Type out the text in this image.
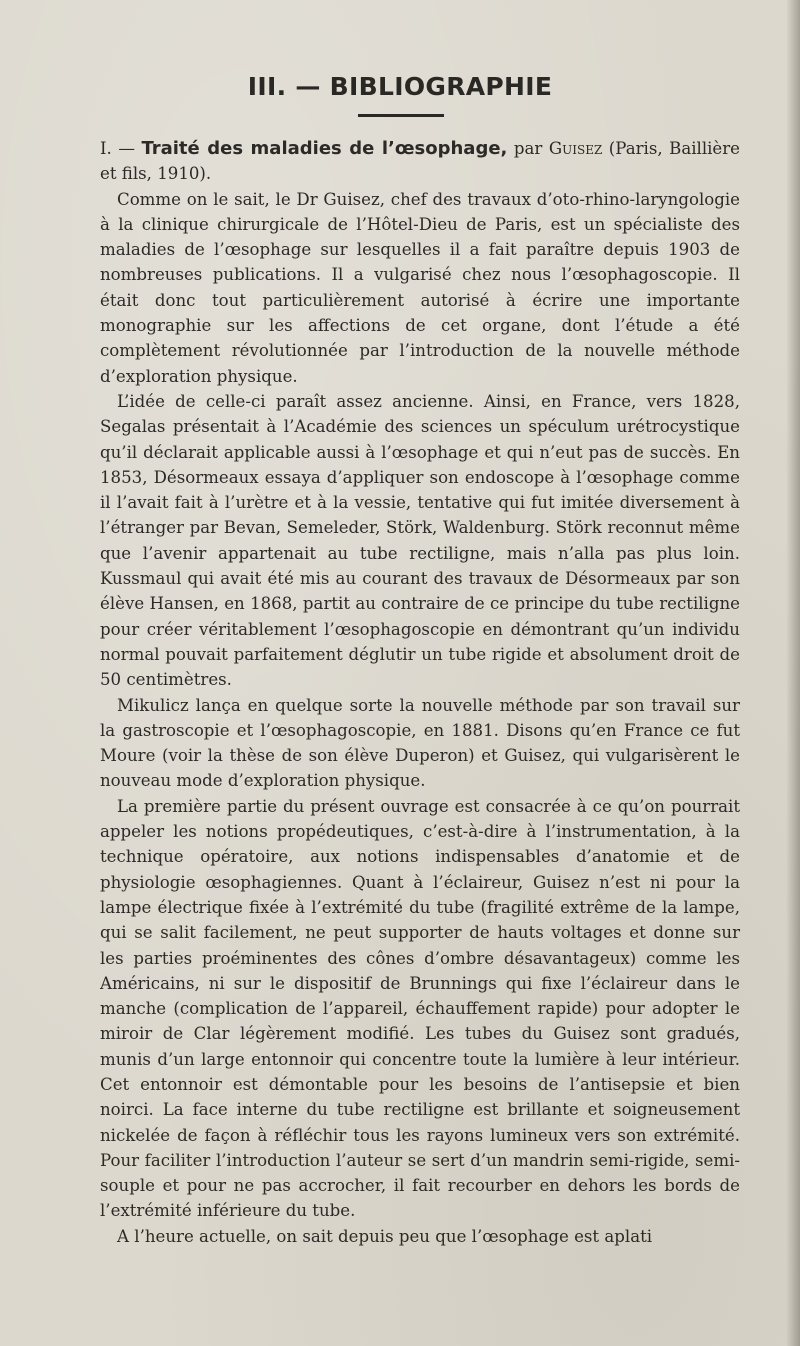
III. — BIBLIOGRAPHIE

I. — Traité des maladies de l’œsophage, par Guisez (Paris, Baillière et fils, 1910).

Comme on le sait, le Dr Guisez, chef des travaux d’oto-rhino-laryngologie à la clinique chirurgicale de l’Hôtel-Dieu de Paris, est un spécialiste des maladies de l’œsophage sur lesquelles il a fait paraître depuis 1903 de nombreuses publications. Il a vulgarisé chez nous l’œsophagoscopie. Il était donc tout particulièrement autorisé à écrire une importante monographie sur les affections de cet organe, dont l’étude a été complètement révolutionnée par l’introduction de la nouvelle méthode d’exploration physique.

L’idée de celle-ci paraît assez ancienne. Ainsi, en France, vers 1828, Segalas présentait à l’Académie des sciences un spéculum urétrocystique qu’il déclarait applicable aussi à l’œsophage et qui n’eut pas de succès. En 1853, Désormeaux essaya d’appliquer son endoscope à l’œsophage comme il l’avait fait à l’urètre et à la vessie, tentative qui fut imitée diversement à l’étranger par Bevan, Semeleder, Störk, Waldenburg. Störk reconnut même que l’avenir appartenait au tube rectiligne, mais n’alla pas plus loin. Kussmaul qui avait été mis au courant des travaux de Désormeaux par son élève Hansen, en 1868, partit au contraire de ce principe du tube rectiligne pour créer véritablement l’œsophagoscopie en démontrant qu’un individu normal pouvait parfaitement déglutir un tube rigide et absolument droit de 50 centimètres.

Mikulicz lança en quelque sorte la nouvelle méthode par son travail sur la gastroscopie et l’œsophagoscopie, en 1881. Disons qu’en France ce fut Moure (voir la thèse de son élève Duperon) et Guisez, qui vulgarisèrent le nouveau mode d’exploration physique.

La première partie du présent ouvrage est consacrée à ce qu’on pourrait appeler les notions propédeutiques, c’est-à-dire à l’instrumentation, à la technique opératoire, aux notions indispensables d’anatomie et de physiologie œsophagiennes. Quant à l’éclaireur, Guisez n’est ni pour la lampe électrique fixée à l’extrémité du tube (fragilité extrême de la lampe, qui se salit facilement, ne peut supporter de hauts voltages et donne sur les parties proéminentes des cônes d’ombre désavantageux) comme les Américains, ni sur le dispositif de Brunnings qui fixe l’éclaireur dans le manche (complication de l’appareil, échauffement rapide) pour adopter le miroir de Clar légèrement modifié. Les tubes du Guisez sont gradués, munis d’un large entonnoir qui concentre toute la lumière à leur intérieur. Cet entonnoir est démontable pour les besoins de l’antisepsie et bien noirci. La face interne du tube rectiligne est brillante et soigneusement nickelée de façon à réfléchir tous les rayons lumineux vers son extrémité. Pour faciliter l’introduction l’auteur se sert d’un mandrin semi-rigide, semi-souple et pour ne pas accrocher, il fait recourber en dehors les bords de l’extrémité inférieure du tube.

A l’heure actuelle, on sait depuis peu que l’œsophage est aplati
